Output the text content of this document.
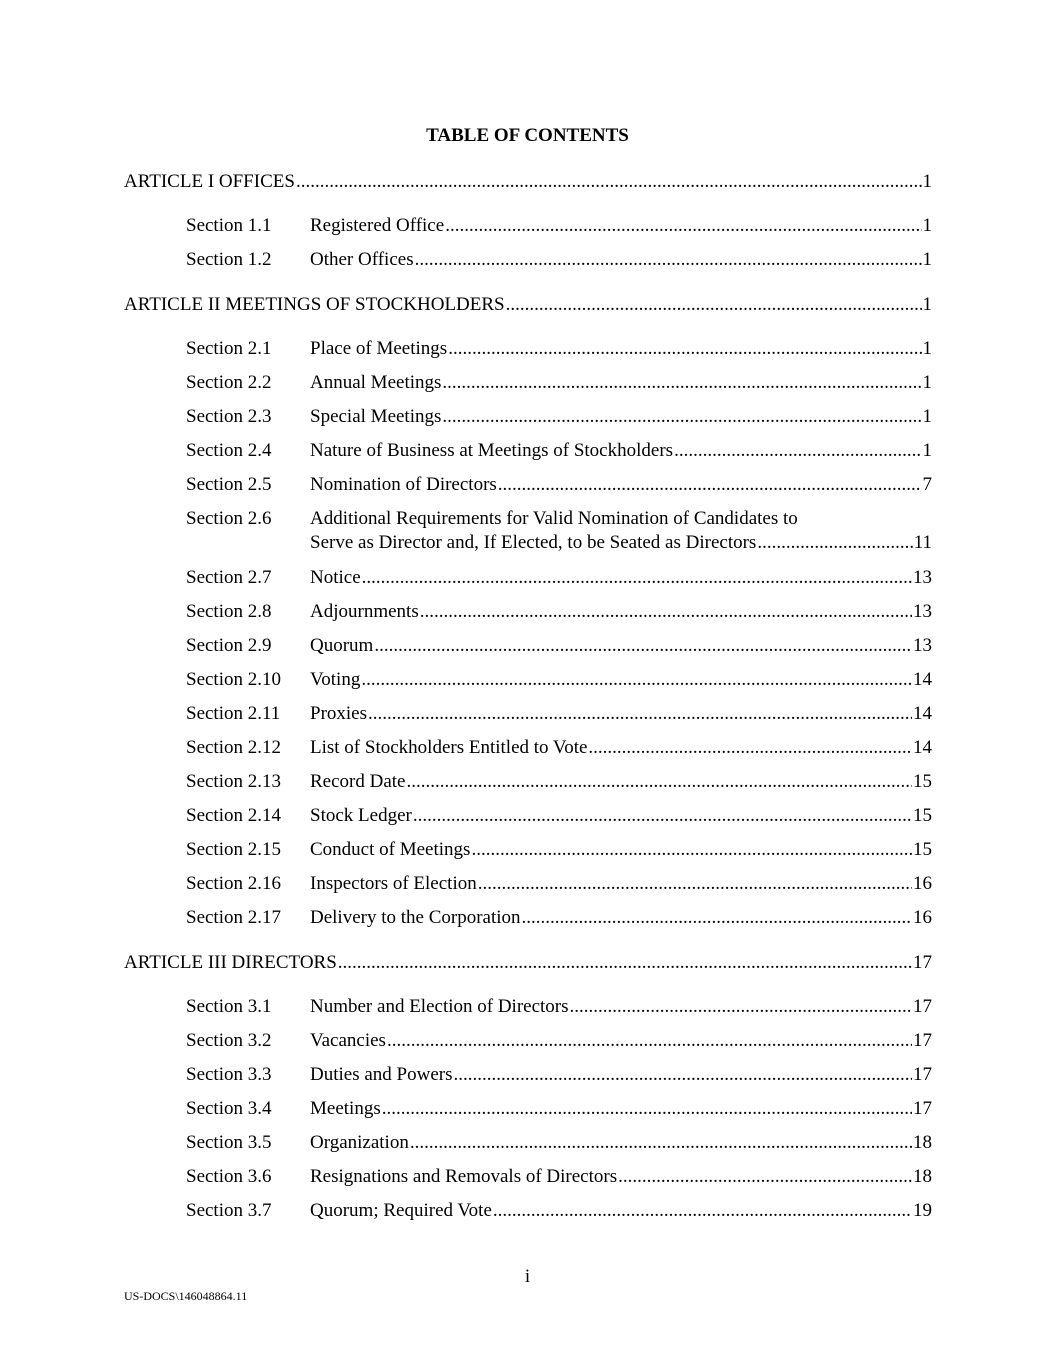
TABLE OF CONTENTS
ARTICLE I OFFICES .....	1
Section 1.1	Registered Office .....	1
Section 1.2	Other Offices .....	1
ARTICLE II MEETINGS OF STOCKHOLDERS .....	1
Section 2.1	Place of Meetings .....	1
Section 2.2	Annual Meetings .....	1
Section 2.3	Special Meetings .....	1
Section 2.4	Nature of Business at Meetings of Stockholders .....	1
Section 2.5	Nomination of Directors .....	7
Section 2.6	Additional Requirements for Valid Nomination of Candidates to
Serve as Director and, If Elected, to be Seated as Directors .....	11
Section 2.7	Notice .....	13
Section 2.8	Adjournments .....	13
Section 2.9	Quorum .....	13
Section 2.10	Voting .....	14
Section 2.11	Proxies .....	14
Section 2.12	List of Stockholders Entitled to Vote .....	14
Section 2.13	Record Date .....	15
Section 2.14	Stock Ledger .....	15
Section 2.15	Conduct of Meetings .....	15
Section 2.16	Inspectors of Election .....	16
Section 2.17	Delivery to the Corporation .....	16
ARTICLE III DIRECTORS .....	17
Section 3.1	Number and Election of Directors .....	17
Section 3.2	Vacancies .....	17
Section 3.3	Duties and Powers .....	17
Section 3.4	Meetings .....	17
Section 3.5	Organization .....	18
Section 3.6	Resignations and Removals of Directors .....	18
Section 3.7	Quorum; Required Vote .....	19
i
US-DOCS\146048864.11
